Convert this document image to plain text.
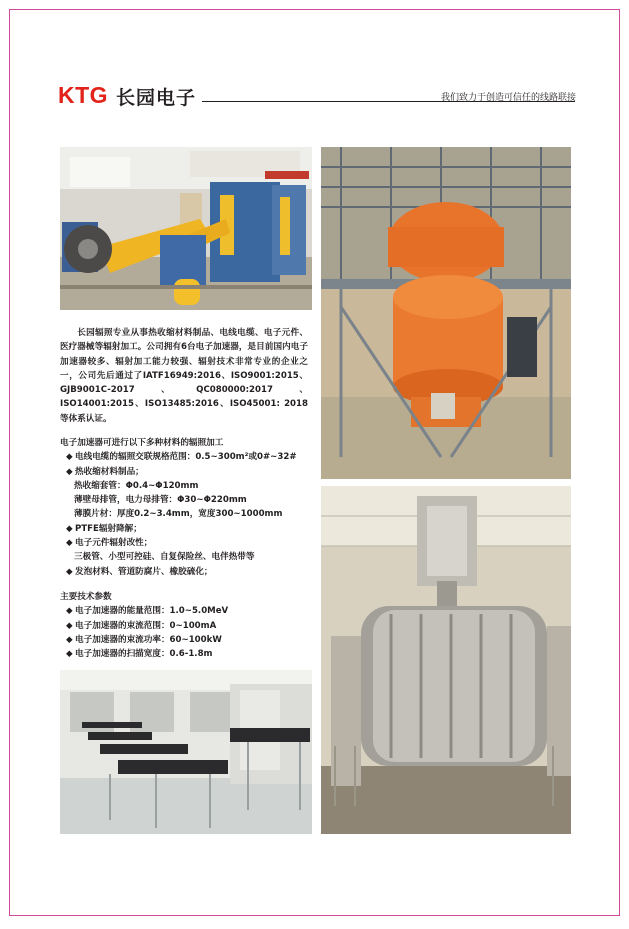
KTG 长园电子	我们致力于创造可信任的线路联接

长园辐照专业从事热收缩材料制品、电线电缆、电子元件、医疗器械等辐射加工。公司拥有6台电子加速器，是目前国内电子加速器较多、辐射加工能力较强、辐射技术非常专业的企业之一，公司先后通过了IATF16949:2016、ISO9001:2015、GJB9001C-2017、QC080000:2017、ISO14001:2015、ISO13485:2016、ISO45001: 2018等体系认证。

电子加速器可进行以下多种材料的辐照加工
◆ 电线电缆的辐照交联规格范围：0.5~300m²或0#~32#
◆ 热收缩材料制品；
热收缩套管：Φ0.4~Φ120mm
薄壁母排管，电力母排管：Φ30~Φ220mm
薄膜片材：厚度0.2~3.4mm，宽度300~1000mm
◆ PTFE辐射降解；
◆ 电子元件辐射改性；
三极管、小型可控硅、自复保险丝、电伴热带等
◆ 发泡材料、管道防腐片、橡胶硫化；
主要技术参数
◆ 电子加速器的能量范围：1.0~5.0MeV
◆ 电子加速器的束流范围：0~100mA
◆ 电子加速器的束流功率：60~100kW
◆ 电子加速器的扫描宽度：0.6-1.8m
